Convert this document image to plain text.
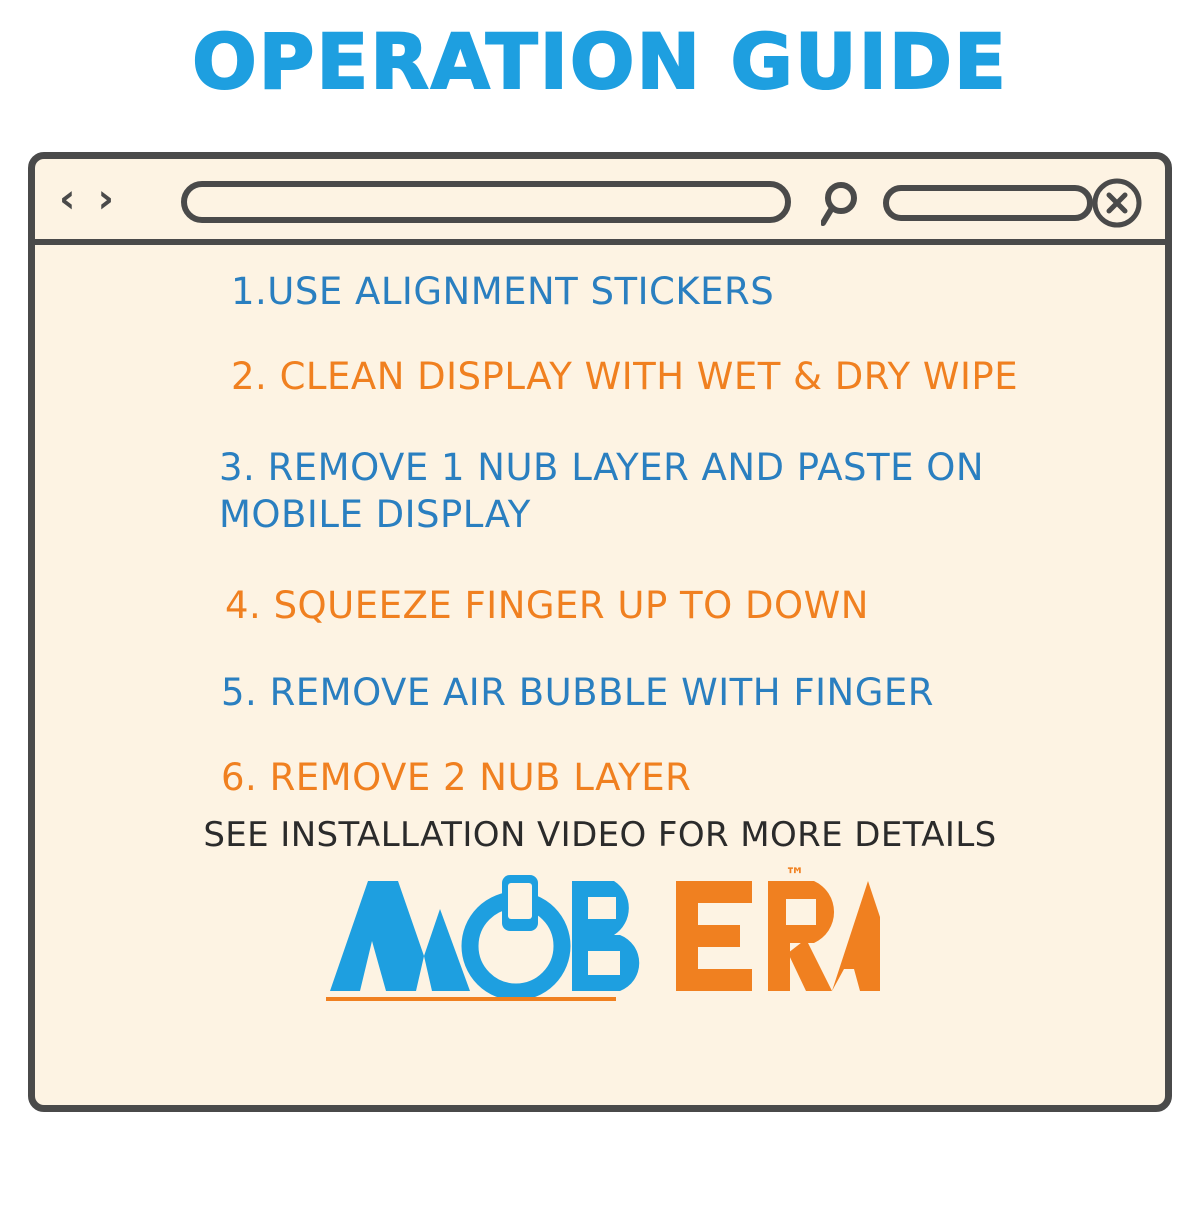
OPERATION GUIDE
‹ ›

1.USE ALIGNMENT STICKERS

2. CLEAN DISPLAY WITH WET & DRY WIPE

3. REMOVE 1 NUB LAYER AND PASTE ON MOBILE DISPLAY

4. SQUEEZE FINGER UP TO DOWN

5. REMOVE AIR BUBBLE WITH FINGER

6. REMOVE 2 NUB LAYER

SEE INSTALLATION VIDEO FOR MORE DETAILS

™
